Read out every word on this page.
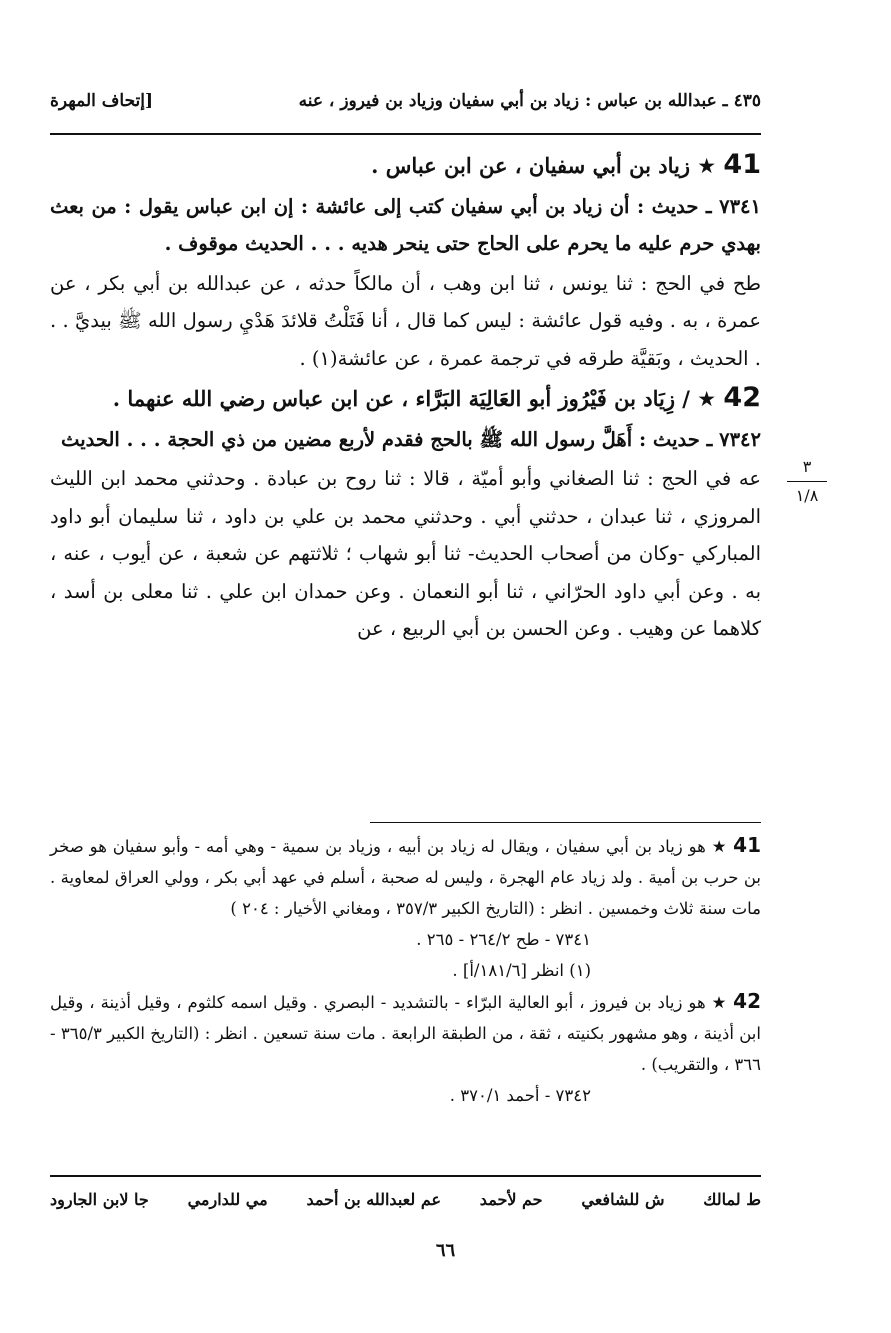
٤٣٥ ـ عبدالله بن عباس : زياد بن أبي سفيان وزياد بن فيروز ، عنه
[إتحاف المهرة

41 ★ زياد بن أبي سفيان ، عن ابن عباس .

٧٣٤١ ـ حديث : أن زياد بن أبي سفيان كتب إلى عائشة : إن ابن عباس يقول : من بعث بهدي حرم عليه ما يحرم على الحاج حتى ينحر هديه . . . الحديث موقوف .

طح في الحج : ثنا يونس ، ثنا ابن وهب ، أن مالكاً حدثه ، عن عبدالله بن أبي بكر ، عن عمرة ، به . وفيه قول عائشة : ليس كما قال ، أنا فَتَلْتُ قلائدَ هَدْيِ رسول الله ﷺ بيديَّ . . . الحديث ، وبَقيَّة طرقه في ترجمة عمرة ، عن عائشة(١) .

42 ★ / زِيَاد بن فَيْرُوز أبو العَالِيَة البَرَّاء ، عن ابن عباس رضي الله عنهما .

٧٣٤٢ ـ حديث : أَهَلَّ رسول الله ﷺ بالحج فقدم لأربع مضين من ذي الحجة . . . الحديث

عه في الحج : ثنا الصغاني وأبو أميّة ، قالا : ثنا روح بن عبادة . وحدثني محمد ابن الليث المروزي ، ثنا عبدان ، حدثني أبي . وحدثني محمد بن علي بن داود ، ثنا سليمان أبو داود المباركي -وكان من أصحاب الحديث- ثنا أبو شهاب ؛ ثلاثتهم عن شعبة ، عن أيوب ، عنه ، به . وعن أبي داود الحرّاني ، ثنا أبو النعمان . وعن حمدان ابن علي . ثنا معلى بن أسد ، كلاهما عن وهيب . وعن الحسن بن أبي الربيع ، عن

٣
١/٨

41 ★ هو زياد بن أبي سفيان ، ويقال له زياد بن أبيه ، وزياد بن سمية - وهي أمه - وأبو سفيان هو صخر بن حرب بن أمية . ولد زياد عام الهجرة ، وليس له صحبة ، أسلم في عهد أبي بكر ، وولي العراق لمعاوية . مات سنة ثلاث وخمسين . انظر : (التاريخ الكبير ٣٥٧/٣ ، ومغاني الأخيار : ٢٠٤ )

٧٣٤١ - طح ٢٦٤/٢ - ٢٦٥ .

(١) انظر [١٨١/٦/أ] .

42 ★ هو زياد بن فيروز ، أبو العالية البرّاء - بالتشديد - البصري . وقيل اسمه كلثوم ، وقيل أذينة ، وقيل ابن أذينة ، وهو مشهور بكنيته ، ثقة ، من الطبقة الرابعة . مات سنة تسعين . انظر : (التاريخ الكبير ٣٦٥/٣ - ٣٦٦ ، والتقريب) .

٧٣٤٢ - أحمد ٣٧٠/١ .

ط لمالك
ش للشافعي
حم لأحمد
عم لعبدالله بن أحمد
مي للدارمي
جا لابن الجارود
٦٦
